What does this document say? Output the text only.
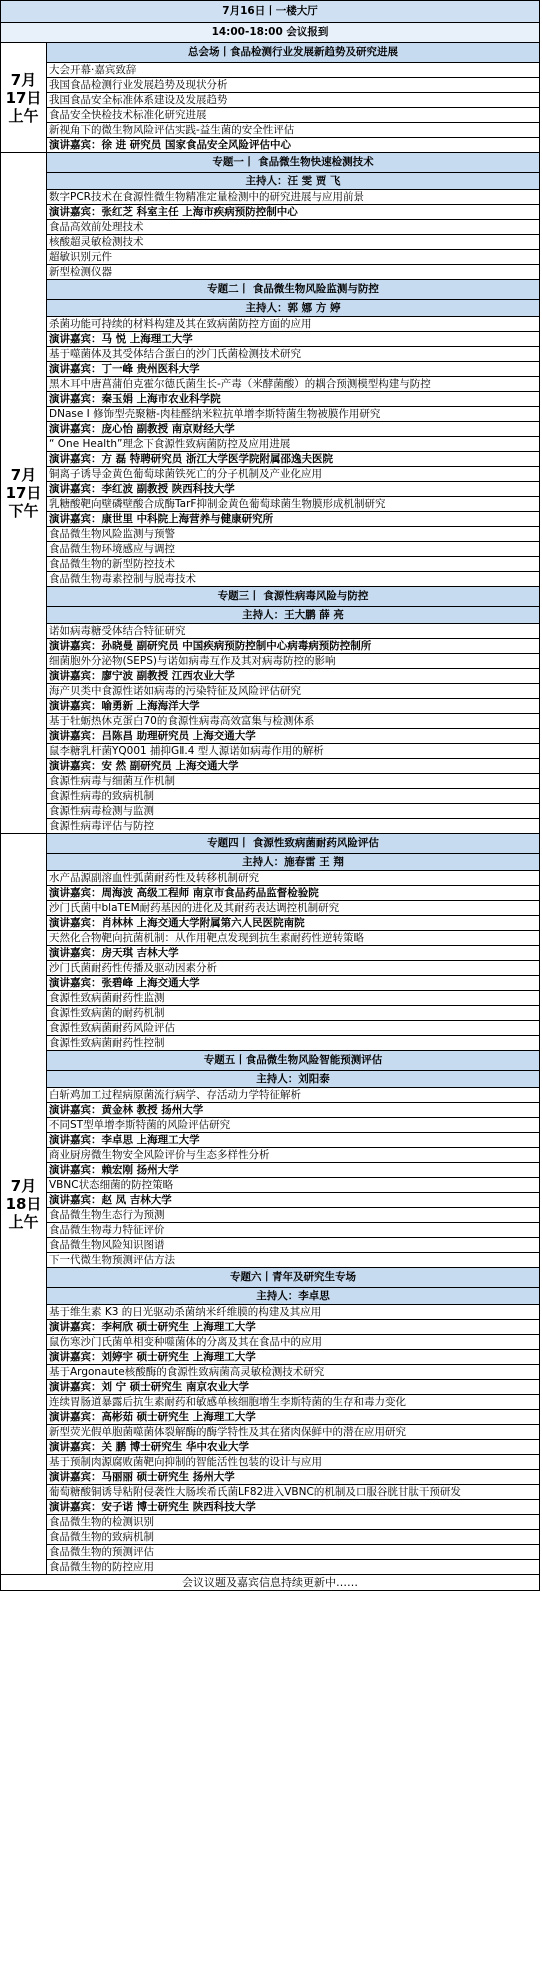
7月16日丨一楼大厅	
14:00-18:00 会议报到	
7月17日上午	总会场丨食品检测行业发展新趋势及研究进展
	大会开幕·嘉宾致辞
	我国食品检测行业发展趋势及现状分析
	我国食品安全标准体系建设及发展趋势
	食品安全快检技术标准化研究进展
	新视角下的微生物风险评估实践-益生菌的安全性评估
	演讲嘉宾：徐 进 研究员 国家食品安全风险评估中心
7月17日下午	专题一丨 食品微生物快速检测技术
	主持人：汪 雯 贾 飞
	数字PCR技术在食源性微生物精准定量检测中的研究进展与应用前景
	演讲嘉宾：张红芝 科室主任 上海市疾病预防控制中心
	食品高效前处理技术
	核酸超灵敏检测技术
	超敏识别元件
	新型检测仪器
	专题二丨 食品微生物风险监测与防控
	主持人：郭 娜 方 婷
	杀菌功能可持续的材料构建及其在致病菌防控方面的应用
	演讲嘉宾：马 悦 上海理工大学
	基于噬菌体及其受体结合蛋白的沙门氏菌检测技术研究
	演讲嘉宾：丁一峰 贵州医科大学
	黑木耳中唐菖蒲伯克霍尔德氏菌生长-产毒（米酵菌酸）的耦合预测模型构建与防控
	演讲嘉宾：秦玉娟 上海市农业科学院
	DNase I 修饰型壳聚糖-肉桂醛纳米粒抗单增李斯特菌生物被膜作用研究
	演讲嘉宾：庞心怡 副教授 南京财经大学
	“ One Health”理念下食源性致病菌防控及应用进展
	演讲嘉宾：方 磊 特聘研究员 浙江大学医学院附属邵逸夫医院
	铜离子诱导金黄色葡萄球菌铁死亡的分子机制及产业化应用
	演讲嘉宾：李红波 副教授 陕西科技大学
	乳糖酸靶向壁磷壁酸合成酶TarF抑制金黄色葡萄球菌生物膜形成机制研究
	演讲嘉宾：康世里 中科院上海营养与健康研究所
	食品微生物风险监测与预警
	食品微生物环境感应与调控
	食品微生物的新型防控技术
	食品微生物毒素控制与脱毒技术
	专题三丨 食源性病毒风险与防控
	主持人：王大鹏 薛 亮
	诺如病毒糖受体结合特征研究
	演讲嘉宾：孙晓曼 副研究员 中国疾病预防控制中心病毒病预防控制所
	细菌胞外分泌物(SEPS)与诺如病毒互作及其对病毒防控的影响
	演讲嘉宾：廖宁波 副教授 江西农业大学
	海产贝类中食源性诺如病毒的污染特征及风险评估研究
	演讲嘉宾：喻勇新 上海海洋大学
	基于牡蛎热休克蛋白70的食源性病毒高效富集与检测体系
	演讲嘉宾：吕陈昌 助理研究员 上海交通大学
	鼠李糖乳杆菌YQ001 捕抑GⅡ.4 型人源诺如病毒作用的解析
	演讲嘉宾：安 然 副研究员 上海交通大学
	食源性病毒与细菌互作机制
	食源性病毒的致病机制
	食源性病毒检测与监测
	食源性病毒评估与防控
7月18日上午	专题四丨 食源性致病菌耐药风险评估
	主持人：施春雷 王 翔
	水产品源副溶血性弧菌耐药性及转移机制研究
	演讲嘉宾：周海波 高级工程师 南京市食品药品监督检验院
	沙门氏菌中blaTEM耐药基因的进化及其耐药表达调控机制研究
	演讲嘉宾：肖林林 上海交通大学附属第六人民医院南院
	天然化合物靶向抗菌机制：从作用靶点发现到抗生素耐药性逆转策略
	演讲嘉宾：房天琪 吉林大学
	沙门氏菌耐药性传播及驱动因素分析
	演讲嘉宾：张碧峰 上海交通大学
	食源性致病菌耐药性监测
	食源性致病菌的耐药机制
	食源性致病菌耐药风险评估
	食源性致病菌耐药性控制
	专题五丨食品微生物风险智能预测评估
	主持人：刘阳泰
	白斩鸡加工过程病原菌流行病学、存活动力学特征解析
	演讲嘉宾：黄金林 教授 扬州大学
	不同ST型单增李斯特菌的风险评估研究
	演讲嘉宾：李卓思 上海理工大学
	商业厨房微生物安全风险评价与生态多样性分析
	演讲嘉宾：赖宏刚 扬州大学
	VBNC状态细菌的防控策略
	演讲嘉宾：赵 凤 吉林大学
	食品微生物生态行为预测
	食品微生物毒力特征评价
	食品微生物风险知识图谱
	下一代微生物预测评估方法
	专题六丨青年及研究生专场
	主持人：李卓思
	基于维生素 K3 的日光驱动杀菌纳米纤维膜的构建及其应用
	演讲嘉宾：李柯欣 硕士研究生 上海理工大学
	鼠伤寒沙门氏菌单相变种噬菌体的分离及其在食品中的应用
	演讲嘉宾：刘婷宇 硕士研究生 上海理工大学
	基于Argonaute核酸酶的食源性致病菌高灵敏检测技术研究
	演讲嘉宾：刘 宁 硕士研究生 南京农业大学
	连续胃肠道暴露后抗生素耐药和敏感单核细胞增生李斯特菌的生存和毒力变化
	演讲嘉宾：高彬茹 硕士研究生 上海理工大学
	新型荧光假单胞菌噬菌体裂解酶的酶学特性及其在猪肉保鲜中的潜在应用研究
	演讲嘉宾：关 鹏 博士研究生 华中农业大学
	基于预制肉源腐败菌靶向抑制的智能活性包装的设计与应用
	演讲嘉宾：马丽丽 硕士研究生 扬州大学
	葡萄糖酸铜诱导粘附侵袭性大肠埃希氏菌LF82进入VBNC的机制及口服谷胱甘肽干预研发
	演讲嘉宾：安子诺 博士研究生 陕西科技大学
	食品微生物的检测识别
	食品微生物的致病机制
	食品微生物的预测评估
	食品微生物的防控应用
会议议题及嘉宾信息持续更新中……
